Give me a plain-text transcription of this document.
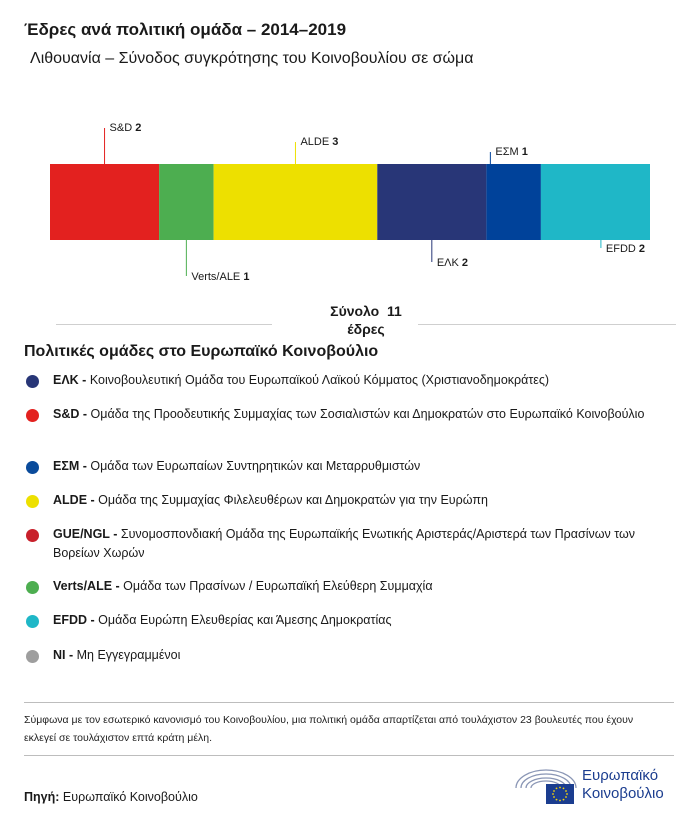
Έδρες ανά πολιτική ομάδα – 2014–2019
Λιθουανία – Σύνοδος συγκρότησης του Κοινοβουλίου σε σώμα
S&D 2
Verts/ALE 1
ALDE 3
ΕΛΚ 2
ΕΣΜ 1
EFDD 2
Σύνολο 11
έδρες
Πολιτικές ομάδες στο Ευρωπαϊκό Κοινοβούλιο
ΕΛΚ - Κοινοβουλευτική Ομάδα του Ευρωπαϊκού Λαϊκού Κόμματος (Χριστιανοδημοκράτες)
S&D - Ομάδα της Προοδευτικής Συμμαχίας των Σοσιαλιστών και Δημοκρατών στο Ευρωπαϊκό Κοινοβούλιο
ΕΣΜ - Ομάδα των Ευρωπαίων Συντηρητικών και Μεταρρυθμιστών
ALDE - Ομάδα της Συμμαχίας Φιλελευθέρων και Δημοκρατών για την Ευρώπη
GUE/NGL - Συνομοσπονδιακή Ομάδα της Ευρωπαϊκής Ενωτικής Αριστεράς/Αριστερά των Πρασίνων των Βορείων Χωρών
Verts/ALE - Ομάδα των Πρασίνων / Ευρωπαϊκή Ελεύθερη Συμμαχία
EFDD - Ομάδα Ευρώπη Ελευθερίας και Άμεσης Δημοκρατίας
NI - Μη Εγγεγραμμένοι

Σύμφωνα με τον εσωτερικό κανονισμό του Κοινοβουλίου, μια πολιτική ομάδα απαρτίζεται από τουλάχιστον 23 βουλευτές που έχουν εκλεγεί σε τουλάχιστον επτά κράτη μέλη.

Πηγή: Ευρωπαϊκό Κοινοβούλιο
Ευρωπαϊκό
Κοινοβούλιο
